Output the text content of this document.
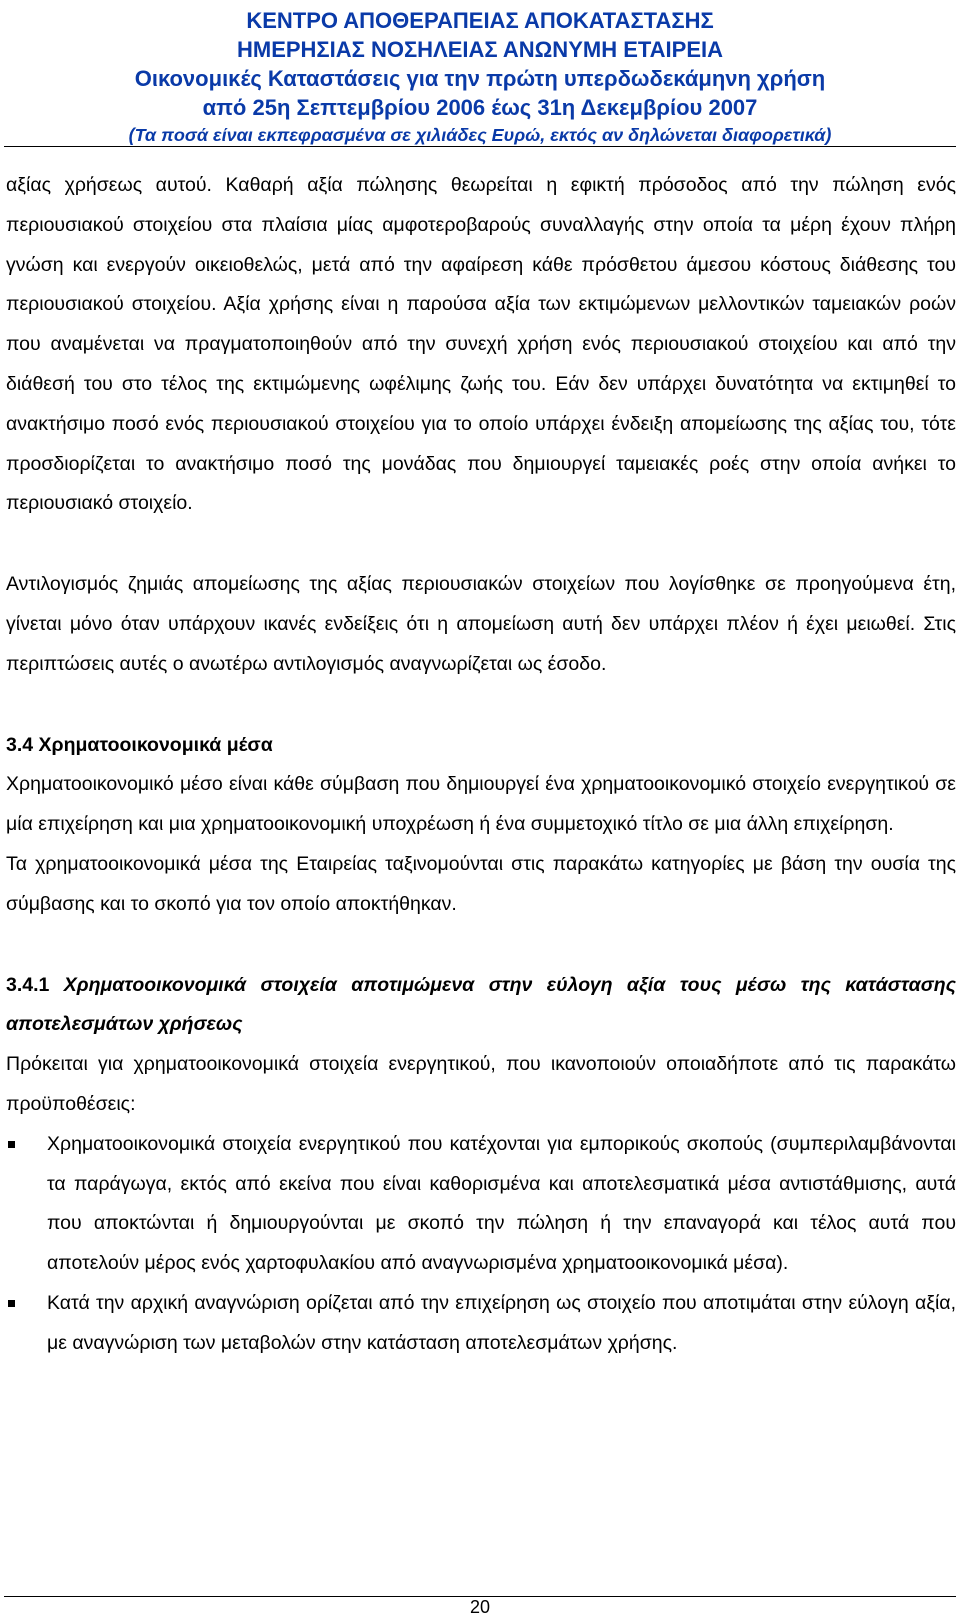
ΚΕΝΤΡΟ ΑΠΟΘΕΡΑΠΕΙΑΣ ΑΠΟΚΑΤΑΣΤΑΣΗΣ
ΗΜΕΡΗΣΙΑΣ ΝΟΣΗΛΕΙΑΣ ΑΝΩΝΥΜΗ ΕΤΑΙΡΕΙΑ
Οικονομικές Καταστάσεις για την πρώτη υπερδωδεκάμηνη χρήση
από 25η Σεπτεμβρίου 2006 έως 31η Δεκεμβρίου 2007
(Τα ποσά είναι εκπεφρασμένα σε χιλιάδες Ευρώ, εκτός αν δηλώνεται διαφορετικά)

αξίας χρήσεως αυτού. Καθαρή αξία πώλησης θεωρείται η εφικτή πρόσοδος από την πώληση ενός περιουσιακού στοιχείου στα πλαίσια μίας αμφοτεροβαρούς συναλλαγής στην οποία τα μέρη έχουν πλήρη γνώση και ενεργούν οικειοθελώς, μετά από την αφαίρεση κάθε πρόσθετου άμεσου κόστους διάθεσης του περιουσιακού στοιχείου. Αξία χρήσης είναι η παρούσα αξία των εκτιμώμενων μελλοντικών ταμειακών ροών που αναμένεται να πραγματοποιηθούν από την συνεχή χρήση ενός περιουσιακού στοιχείου και από την διάθεσή του στο τέλος της εκτιμώμενης ωφέλιμης ζωής του. Εάν δεν υπάρχει δυνατότητα να εκτιμηθεί το ανακτήσιμο ποσό ενός περιουσιακού στοιχείου για το οποίο υπάρχει ένδειξη απομείωσης της αξίας του, τότε προσδιορίζεται το ανακτήσιμο ποσό της μονάδας που δημιουργεί ταμειακές ροές στην οποία ανήκει το περιουσιακό στοιχείο.

Αντιλογισμός ζημιάς απομείωσης της αξίας περιουσιακών στοιχείων που λογίσθηκε σε προηγούμενα έτη, γίνεται μόνο όταν υπάρχουν ικανές ενδείξεις ότι η απομείωση αυτή δεν υπάρχει πλέον ή έχει μειωθεί. Στις περιπτώσεις αυτές ο ανωτέρω αντιλογισμός αναγνωρίζεται ως έσοδο.

3.4 Χρηματοοικονομικά μέσα

Χρηματοοικονομικό μέσο είναι κάθε σύμβαση που δημιουργεί ένα χρηματοοικονομικό στοιχείο ενεργητικού σε μία επιχείρηση και μια χρηματοοικονομική υποχρέωση ή ένα συμμετοχικό τίτλο σε μια άλλη επιχείρηση.

Τα χρηματοοικονομικά μέσα της Εταιρείας ταξινομούνται στις παρακάτω κατηγορίες με βάση την ουσία της σύμβασης και το σκοπό για τον οποίο αποκτήθηκαν.

3.4.1 Χρηματοοικονομικά στοιχεία αποτιμώμενα στην εύλογη αξία τους μέσω της κατάστασης αποτελεσμάτων χρήσεως

Πρόκειται για χρηματοοικονομικά στοιχεία ενεργητικού, που ικανοποιούν οποιαδήποτε από τις παρακάτω προϋποθέσεις:

Χρηματοοικονομικά στοιχεία ενεργητικού που κατέχονται για εμπορικούς σκοπούς (συμπεριλαμβάνονται τα παράγωγα, εκτός από εκείνα που είναι καθορισμένα και αποτελεσματικά μέσα αντιστάθμισης, αυτά που αποκτώνται ή δημιουργούνται με σκοπό την πώληση ή την επαναγορά και τέλος αυτά που αποτελούν μέρος ενός χαρτοφυλακίου από αναγνωρισμένα χρηματοοικονομικά μέσα).
Κατά την αρχική αναγνώριση ορίζεται από την επιχείρηση ως στοιχείο που αποτιμάται στην εύλογη αξία, με αναγνώριση των μεταβολών στην κατάσταση αποτελεσμάτων χρήσης.
20
